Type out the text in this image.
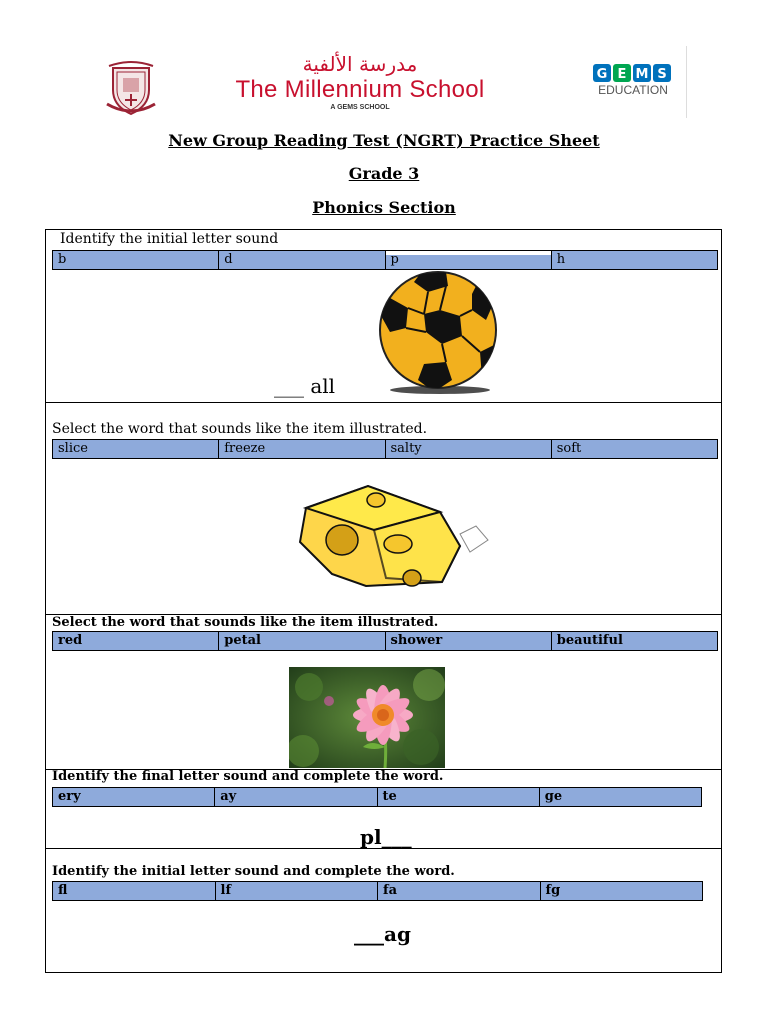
مدرسة الألفية
The Millennium School
A GEMS SCHOOL
G E M S
EDUCATION
New Group Reading Test (NGRT) Practice Sheet
Grade 3
Phonics Section
Identify the initial letter sound
b	d	p	h
___ all
Select the word that sounds like the item illustrated.
slice	freeze	salty	soft
Select the word that sounds like the item illustrated.
red	petal	shower	beautiful
Identify the final letter sound and complete the word.
ery	ay	te	ge
pl___
Identify the initial letter sound and complete the word.
fl	lf	fa	fg
___ag
